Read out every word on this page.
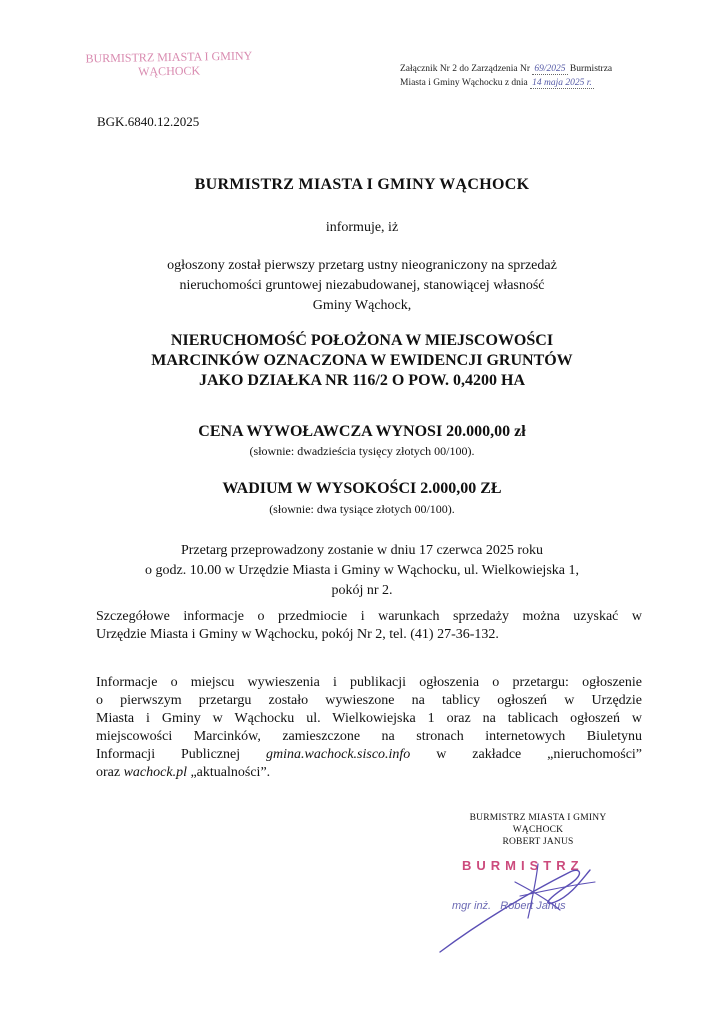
BURMISTRZ MIASTA I GMINY
WĄCHOCK	Załącznik Nr 2 do Zarządzenia Nr 69/2025 Burmistrza
Miasta i Gminy Wąchocku z dnia 14 maja 2025 r.
BGK.6840.12.2025
BURMISTRZ MIASTA I GMINY WĄCHOCK
informuje, iż
ogłoszony został pierwszy przetarg ustny nieograniczony na sprzedaż
nieruchomości gruntowej niezabudowanej, stanowiącej własność
Gminy Wąchock,
NIERUCHOMOŚĆ POŁOŻONA W MIEJSCOWOŚCI
MARCINKÓW OZNACZONA W EWIDENCJI GRUNTÓW
JAKO DZIAŁKA NR 116/2 O POW. 0,4200 HA
CENA WYWOŁAWCZA WYNOSI 20.000,00 zł
(słownie: dwadzieścia tysięcy złotych 00/100).
WADIUM W WYSOKOŚCI 2.000,00 ZŁ
(słownie: dwa tysiące złotych 00/100).
Przetarg przeprowadzony zostanie w dniu 17 czerwca 2025 roku
o godz. 10.00 w Urzędzie Miasta i Gminy w Wąchocku, ul. Wielkowiejska 1,
pokój nr 2.
Szczegółowe informacje o przedmiocie i warunkach sprzedaży można uzyskać w
Urzędzie Miasta i Gminy w Wąchocku, pokój Nr 2, tel. (41) 27-36-132.
Informacje o miejscu wywieszenia i publikacji ogłoszenia o przetargu: ogłoszenie
o pierwszym przetargu zostało wywieszone na tablicy ogłoszeń w Urzędzie
Miasta i Gminy w Wąchocku ul. Wielkowiejska 1 oraz na tablicach ogłoszeń w
miejscowości Marcinków, zamieszczone na stronach internetowych Biuletynu
Informacji Publicznej gmina.wachock.sisco.info w zakładce „nieruchomości”
oraz wachock.pl „aktualności”.
BURMISTRZ MIASTA I GMINY
WĄCHOCK
ROBERT JANUS
BURMISTRZ
mgr inż. Robert Janus
